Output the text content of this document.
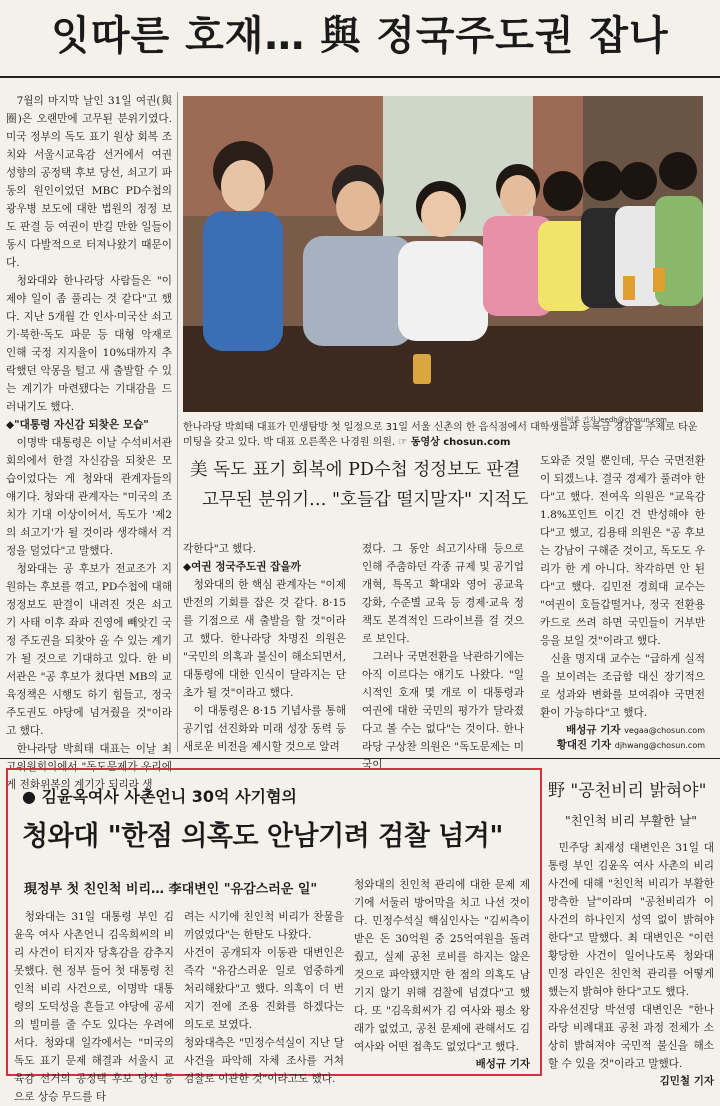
잇따른 호재… 與 정국주도권 잡나

7월의 마지막 날인 31일 여권(與圈)은 오랜만에 고무된 분위기였다. 미국 정부의 독도 표기 원상 회복 조치와 서울시교육감 선거에서 여권 성향의 공정택 후보 당선, 쇠고기 파동의 원인이었던 MBC PD수첩의 광우병 보도에 대한 법원의 정정 보도 판결 등 여권이 반길 만한 일들이 동시 다발적으로 터져나왔기 때문이다.

청와대와 한나라당 사람들은 "이제야 일이 좀 풀리는 것 같다"고 했다. 지난 5개월 간 인사·미국산 쇠고기·북한·독도 파문 등 대형 악재로 인해 국정 지지율이 10%대까지 추락했던 악몽을 털고 새 출발할 수 있는 계기가 마련됐다는 기대감을 드러내기도 했다.

◆"대통령 자신감 되찾은 모습"

이명박 대통령은 이날 수석비서관회의에서 한결 자신감을 되찾은 모습이었다는 게 청와대 관계자들의 얘기다. 청와대 관계자는 "미국의 조치가 기대 이상이어서, 독도가 '제2의 쇠고기'가 될 것이라 생각해서 걱정을 덜었다"고 말했다.

청와대는 공 후보가 전교조가 지원하는 후보를 꺾고, PD수첩에 대해 정정보도 판결이 내려진 것은 쇠고기 사태 이후 좌파 진영에 빼앗긴 국정 주도권을 되찾아 올 수 있는 계기가 될 것으로 기대하고 있다. 한 비서관은 "공 후보가 쳤다면 MB의 교육정책은 시행도 하기 힘들고, 정국 주도권도 야당에 넘겨줬을 것"이라고 했다.

한나라당 박희태 대표는 이날 최고위원회의에서 "독도문제가 우리에게 전화위복의 계기가 되리라 생

이덕훈 기자 leedh@chosun.com
한나라당 박희태 대표가 민생탐방 첫 일정으로 31일 서울 신촌의 한 음식점에서 대학생들과 등록금 경감을 주제로 타운 미팅을 갖고 있다. 박 대표 오른쪽은 나경원 의원. ☞ 동영상 chosun.com
美 독도 표기 회복에 PD수첩 정정보도 판결
고무된 분위기… "호들갑 떨지말자" 지적도

각한다"고 했다.

◆여권 정국주도권 잡을까

청와대의 한 핵심 관계자는 "이제 반전의 기회를 잡은 것 같다. 8·15를 기점으로 새 출발을 할 것"이라고 했다. 한나라당 차명진 의원은 "국민의 의혹과 불신이 해소되면서, 대통령에 대한 인식이 달라지는 단초가 될 것"이라고 했다.

이 대통령은 8·15 기념사를 통해 공기업 선진화와 미래 성장 동력 등 새로운 비전을 제시할 것으로 알려

졌다. 그 동안 쇠고기사태 등으로 인해 주춤하던 각종 규제 및 공기업 개혁, 특목고 확대와 영어 공교육 강화, 수준별 교육 등 경제·교육 정책도 본격적인 드라이브를 걸 것으로 보인다.

그러나 국면전환을 낙관하기에는 아직 이르다는 얘기도 나왔다. "일시적인 호재 몇 개로 이 대통령과 여권에 대한 국민의 평가가 달라졌다고 볼 수는 없다"는 것이다. 한나라당 구상찬 의원은 "독도문제는 미국이

도와준 것일 뿐인데, 무슨 국면전환이 되겠느냐. 결국 경제가 풀려야 한다"고 했다. 전여옥 의원은 "교육감 1.8%포인트 이긴 건 반성해야 한다"고 했고, 김용태 의원은 "공 후보는 강남이 구해준 것이고, 독도도 우리가 한 게 아니다. 착각하면 안 된다"고 했다. 김민전 경희대 교수는 "여권이 호들갑떨거나, 정국 전환용 카드로 쓰려 하면 국민들이 거부반응을 보일 것"이라고 했다.

신율 명지대 교수는 "급하게 실적을 보이려는 조급함 대신 장기적으로 성과와 변화를 보여줘야 국면전환이 가능하다"고 했다.

배성규 기자 vegaa@chosun.com
황대진 기자 djhwang@chosun.com
● 김윤옥여사 사촌언니 30억 사기혐의
청와대 "한점 의혹도 안남기려 검찰 넘겨"
現정부 첫 친인척 비리… 李대변인 "유감스러운 일"

청와대는 31일 대통령 부인 김윤옥 여사 사촌언니 김옥희씨의 비리 사건이 터지자 당혹감을 감추지 못했다. 현 정부 들어 첫 대통령 친인척 비리 사건으로, 이명박 대통령의 도덕성을 흔들고 야당에 공세의 빌미를 줄 수도 있다는 우려에서다. 청와대 일각에서는 "미국의 독도 표기 문제 해결과 서울시 교육감 선거의 공정택 후보 당선 등으로 상승 무드를 타

려는 시기에 친인척 비리가 찬물을 끼얹었다"는 한탄도 나왔다.
사건이 공개되자 이동관 대변인은 즉각 "유감스러운 일로 엄중하게 처리해왔다"고 했다. 의혹이 더 번지기 전에 조용 진화를 하겠다는 의도로 보였다.
청와대측은 "민정수석실이 지난 달 사건을 파악해 자체 조사를 거쳐 검찰로 이관한 것"이라고도 했다.

청와대의 친인척 관리에 대한 문제 제기에 서둘러 방어막을 치고 나선 것이다. 민정수석실 핵심인사는 "김씨측이 받은 돈 30억원 중 25억여원을 돌려줬고, 실제 공천 로비를 하지는 않은 것으로 파악됐지만 한 점의 의혹도 남기지 않기 위해 검찰에 넘겼다"고 했다. 또 "김옥희씨가 김 여사와 평소 왕래가 없었고, 공천 문제에 관해서도 김 여사와 어떤 접촉도 없었다"고 했다.

배성규 기자
野 "공천비리 밝혀야"
"친인척 비리 부활한 날"

민주당 최재성 대변인은 31일 대통령 부인 김윤옥 여사 사촌의 비리 사건에 대해 "친인척 비리가 부활한 망측한 날"이라며 "공천비리가 이 사건의 하나인지 성역 없이 밝혀야 한다"고 말했다. 최 대변인은 "이런 황당한 사건이 일어나도록 청와대 민정 라인은 친인척 관리를 어떻게 했는지 밝혀야 한다"고도 했다.
자유선진당 박선영 대변인은 "한나라당 비례대표 공천 과정 전체가 소상히 밝혀져야 국민적 불신을 해소할 수 있을 것"이라고 말했다.

김민철 기자
